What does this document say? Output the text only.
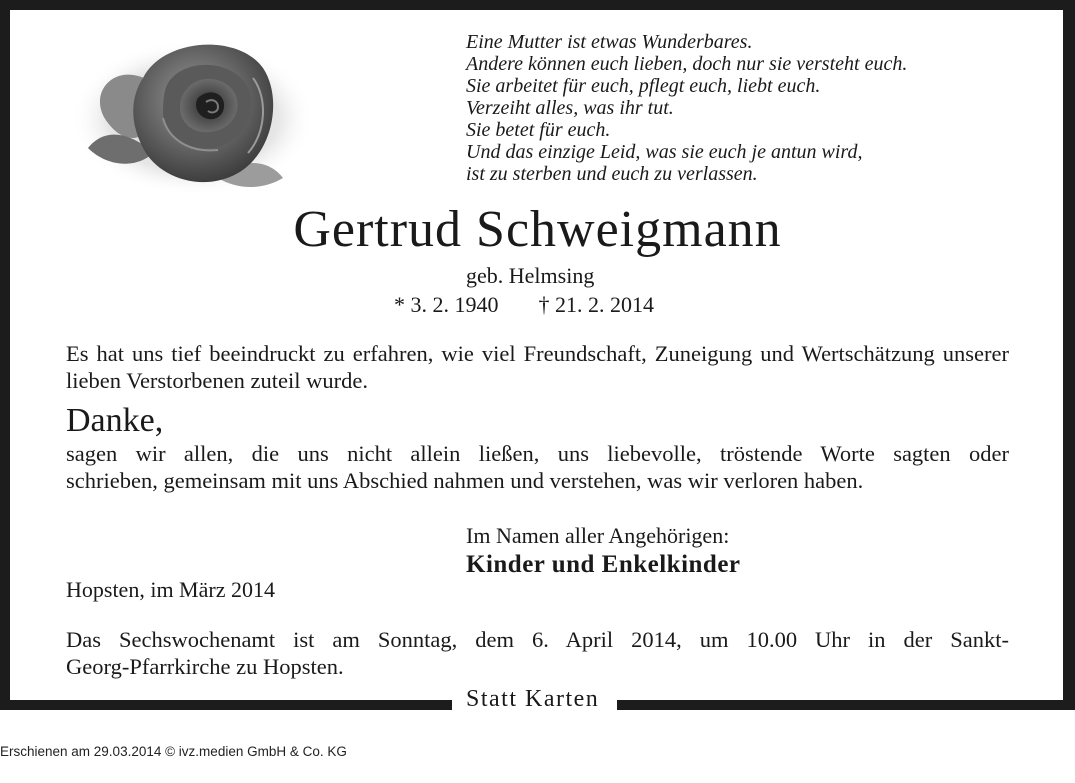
Statt Karten
Eine Mutter ist etwas Wunderbares.
Andere können euch lieben, doch nur sie versteht euch.
Sie arbeitet für euch, pflegt euch, liebt euch.
Verzeiht alles, was ihr tut.
Sie betet für euch.
Und das einzige Leid, was sie euch je antun wird,
ist zu sterben und euch zu verlassen.
Gertrud Schweigmann
geb. Helmsing
* 3. 2. 1940 † 21. 2. 2014
Es hat uns tief beeindruckt zu erfahren, wie viel Freundschaft, Zuneigung und Wertschätzung unserer lieben Verstorbenen zuteil wurde.
Danke,
sagen wir allen, die uns nicht allein ließen, uns liebevolle, tröstende Worte sagten oder
schrieben, gemeinsam mit uns Abschied nahmen und verstehen, was wir verloren haben.
Im Namen aller Angehörigen:
Kinder und Enkelkinder
Hopsten, im März 2014
Das Sechswochenamt ist am Sonntag, dem 6. April 2014, um 10.00 Uhr in der Sankt-
Georg-Pfarrkirche zu Hopsten.
Erschienen am 29.03.2014 © ivz.medien GmbH & Co. KG
